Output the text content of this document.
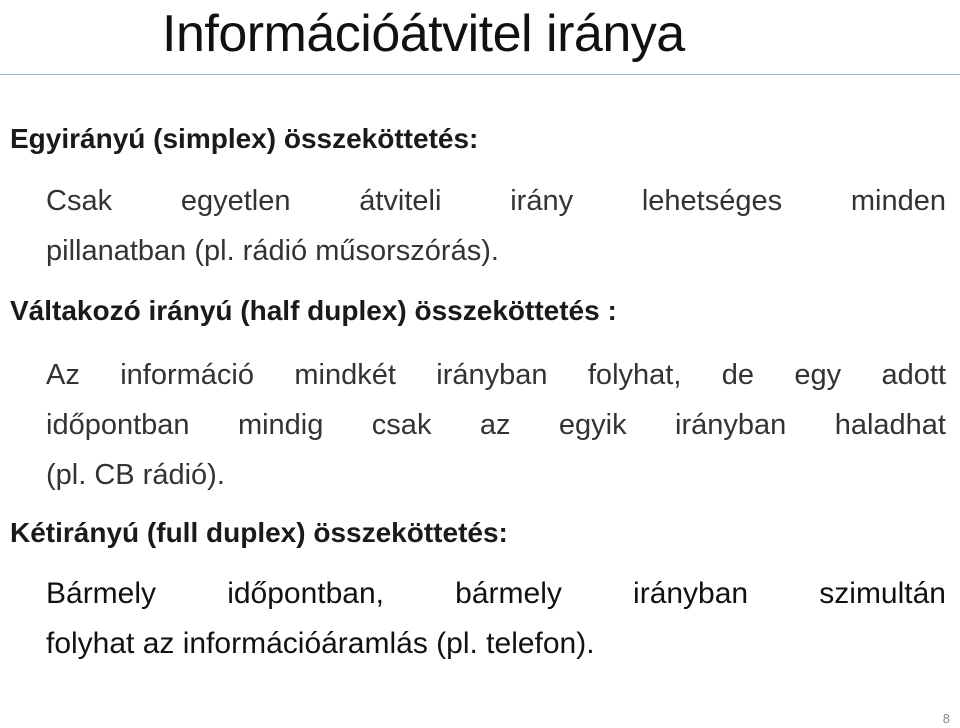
Információátvitel iránya
Egyirányú (simplex) összeköttetés:
Csak egyetlen átviteli irány lehetséges minden
pillanatban (pl. rádió műsorszórás).
Váltakozó irányú (half duplex) összeköttetés :
Az információ mindkét irányban folyhat, de egy adott
időpontban mindig csak az egyik irányban haladhat
(pl. CB rádió).
Kétirányú (full duplex) összeköttetés:
Bármely időpontban, bármely irányban szimultán
folyhat az információáramlás (pl. telefon).
8
